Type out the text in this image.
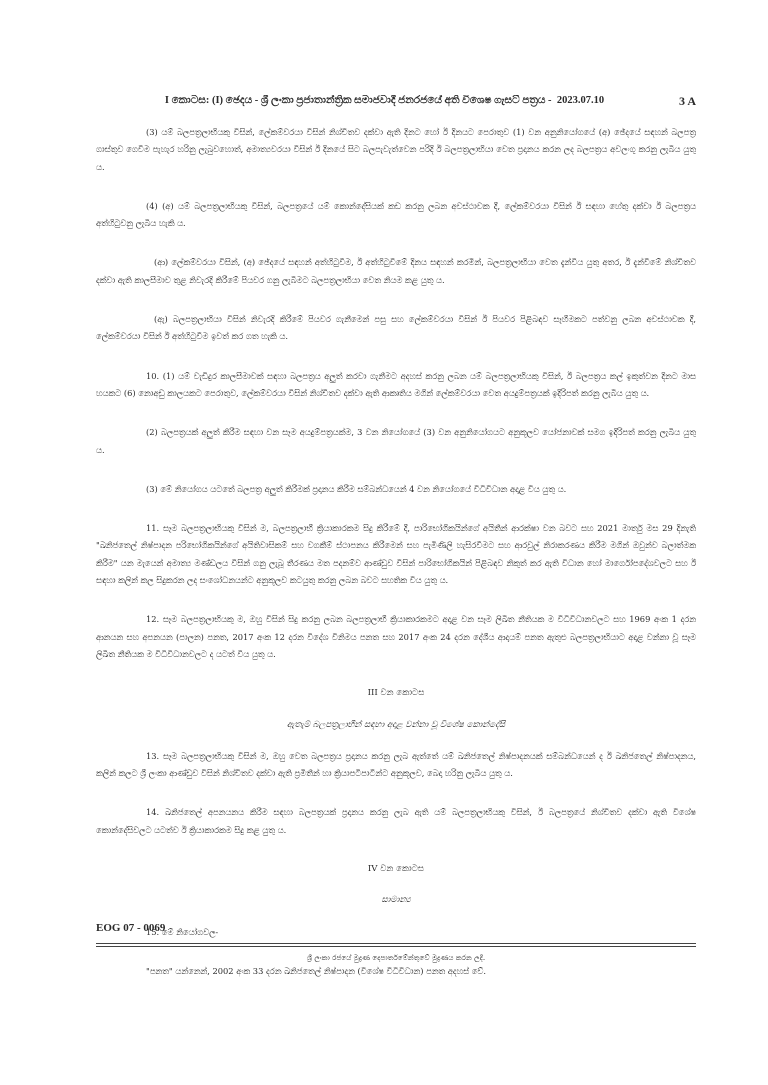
I කොටස: (I) ඡෙදය - ශ්‍රී ලංකා ප්‍රජාතාන්ත්‍රික සමාජවාදී ජනරජයේ අති විශෙෂ ගැසට් පත්‍රය - 2023.07.10	3 A

(3) යම් බලපත්‍රලාභියකු විසින්, ලේකම්වරයා විසින් නිශ්චිතව දක්වා ඇති දිනට හෝ ඊ දිනයට පෙරාතුව (1) වන අනුනියෝගයේ (අ) ඡේදයේ සඳහන් බලපත්‍ර ගාස්තුව ගෙවීම පැහැර හරිනු ලැබුවහොත්, අමාත්‍යවරයා විසින් ඊ දිනයේ සිට බලපැවැත්වෙන පරිදි ඊ බලපත්‍රලාභියා වෙත ප්‍රදානය කරන ලද බලපත්‍රය අවලංගු කරනු ලැබිය යුතු ය.

(4) (අ) යම් බලපත්‍රලාභියකු විසින්, බලපත්‍රයේ යම් කොන්දේසියක් කඩ කරනු ලබන අවස්ථාවක දී, ලේකම්වරයා විසින් ඊ සඳහා හේතු දක්වා ඊ බලපත්‍රය අත්හිටුවනු ලැබිය හැකි ය.

(ආ) ලේකම්වරයා විසින්, (අ) ඡේදයේ සඳහන් අත්හිටුවීම, ඊ අත්හිටුවීමේ දිනය සඳහන් කරමින්, බලපත්‍රලාභියා වෙත දැන්විය යුතු අතර, ඊ දැන්වීමේ නිශ්චිතව දක්වා ඇති කාලසීමාව තුළ නිවැරදි කිරීමේ පියවර ගනු ලැබීමට බලපත්‍රලාභියා වෙත නියම කළ යුතු ය.

(ඇ) බලපත්‍රලාභියා විසින් නිවැරදි කිරීමේ පියවර ගැනීමෙන් පසු සහ ලේකම්වරයා විසින් ඊ පියවර පිළිබඳව සෑහීමකට පත්වනු ලබන අවස්ථාවක දී, ලේකම්වරයා විසින් ඊ අත්හිටුවීම ඉවත් කර ගත හැකි ය.

10. (1) යම් වැඩිදුර කාලසීමාවක් සඳහා බලපත්‍රය අලුත් කරවා ගැනීමට අදහස් කරනු ලබන යම් බලපත්‍රලාභියකු විසින්, ඊ බලපත්‍රය කල් ඉකුත්වන දිනට මාස හයකට (6) නොඅඩු කාලයකට පෙරාතුව, ලේකම්වරයා විසින් නිශ්චිතව දක්වා ඇති ආකෘතිය මගින් ලේකම්වරයා වෙත අයදුම්පත්‍රයක් ඉදිරිපත් කරනු ලැබිය යුතු ය.

(2) බලපත්‍රයක් අලුත් කිරීම සඳහා වන සෑම අයදුම්පත්‍රයක්ම, 3 වන නියෝගයේ (3) වන අනුනියෝගයට අනුකූලව යෝජනාවක් සමග ඉදිරිපත් කරනු ලැබිය යුතු ය.

(3) මේ නියෝගය යටතේ බලපත්‍ර අලුත් කිරීමක් ප්‍රදානය කිරීම සම්බන්ධයෙන් 4 වන නියෝගයේ විධිවිධාන අදාළ විය යුතු ය.

11. සෑම බලපත්‍රලාභියකු විසින් ම, බලපත්‍රලාභී ක්‍රියාකාරකම සිදු කිරීමේ දී, පාරිභෝගිකයින්ගේ අයිතීන් ආරක්ෂා වන බවට සහ 2021 මාර්තු මස 29 දිනැති "ඛනිජතෙල් නිෂ්පාදන පරිභෝගිකයින්ගේ අයිතිවාසිකම් සහ වගකීම් ස්ථාපනය කිරීමෙන් සහ පැමිණිලි හැසිරවීමට සහ ආරවුල් නිරාකරණය කිරීම මගින් ඔවුන්ව බලාත්මක කිරීම" යන මැයෙන් අමාත්‍ය මණ්ඩලය විසින් ගනු ලැබූ තීරණය මත පදනම්ව ආණ්ඩුව විසින් පාරිභෝගිකයින් පිළිබඳව නිකුත් කර ඇති විධාන හෝ මාර්ගෝපදේශවලට සහ ඊ සඳහා කලින් කල සිදුකරන ලද සංශෝධනයන්ට අනුකූලව කටයුතු කරනු ලබන බවට සහතික විය යුතු ය.

12. සෑම බලපත්‍රලාභියකු ම, ඔහු විසින් සිදු කරනු ලබන බලපත්‍රලාභී ක්‍රියාකාරකමට අදාළ වන සෑම ලිඛිත නීතියක ම විධිවිධානවලට සහ 1969 අංක 1 දරන ආනයන සහ අපනයන (පාලන) පනත, 2017 අංක 12 දරන විදේශ විනිමය පනත සහ 2017 අංක 24 දරන දේශීය ආදායම් පනත ඇතුළු බලපත්‍රලාභියාට අදාළ වන්නා වූ සෑම ලිඛිත නීතියක ම විධිවිධානවලට ද යටත් විය යුතු ය.

III වන කොටස
ඇතැම් බලපත්‍රලාභීන් සඳහා අදාළ වන්නා වූ විශේෂ කොන්දේසි

13. සෑම බලපත්‍රලාභියකු විසින් ම, ඔහු වෙත බලපත්‍රය ප්‍රදානය කරනු ලැබ ඇත්තේ යම් ඛනිජතෙල් නිෂ්පාදනයක් සම්බන්ධයෙන් ද ඊ ඛනිජතෙල් නිෂ්පාදනය, කලින් කලට ශ්‍රී ලංකා ආණ්ඩුව විසින් නිශ්චිතව දක්වා ඇති ප්‍රමිතීන් හා ක්‍රියාපටිපාටීන්ට අනුකූලව, බෙදා හරිනු ලැබිය යුතු ය.

14. ඛනිජතෙල් අපනයනය කිරීම සඳහා බලපත්‍රයක් ප්‍රදානය කරනු ලැබ ඇති යම් බලපත්‍රලාභියකු විසින්, ඊ බලපත්‍රයේ නිශ්චිතව දක්වා ඇති විශේෂ කොන්දේසිවලට යටත්ව ඊ ක්‍රියාකාරකම සිදු කළ යුතු ය.

IV වන කොටස
සාමාන්‍ය

15. මේ නියෝගවල-

"පනත" යන්නෙන්, 2002 අංක 33 දරන ඛනිජතෙල් නිෂ්පාදන (විශේෂ විධිවිධාන) පනත අදහස් වේ.

EOG 07 - 0069
ශ්‍රී ලංකා රජයේ මුද්‍රණ දෙපාර්තමේන්තුවේ මුද්‍රණය කරන ලදී.
